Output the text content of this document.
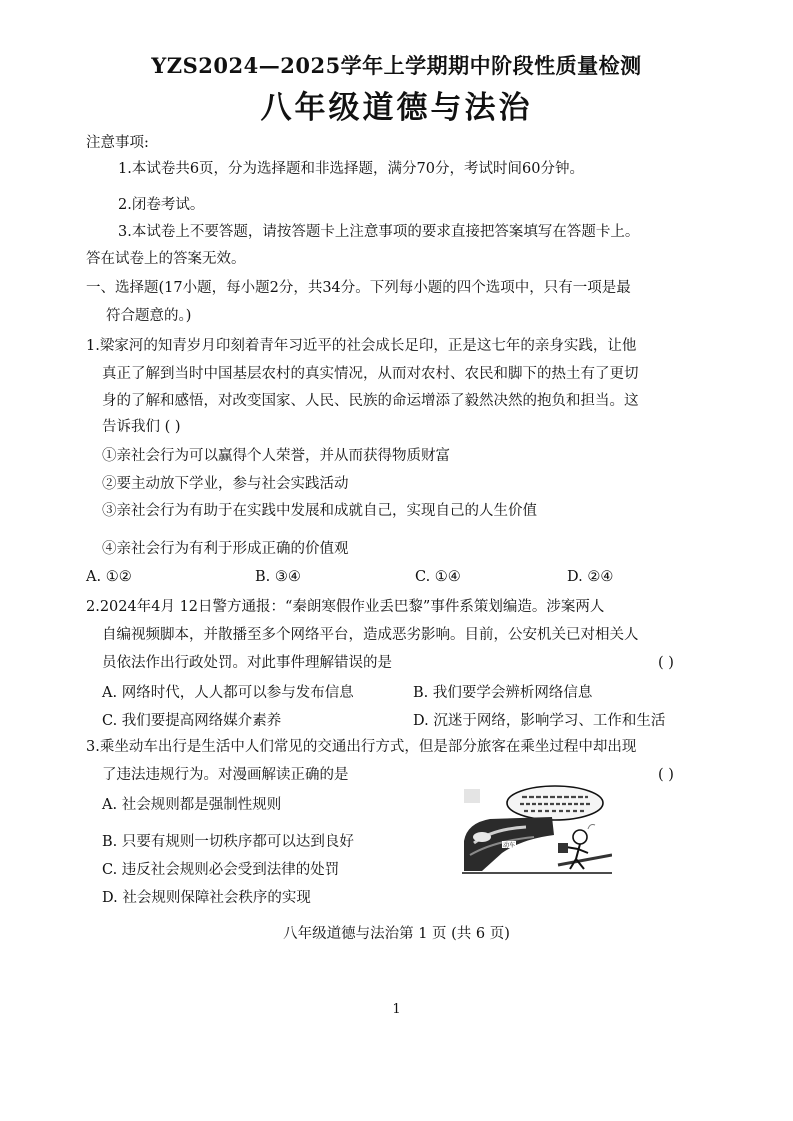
YZS2024—2025学年上学期期中阶段性质量检测
八年级道德与法治
注意事项:
1.本试卷共6页，分为选择题和非选择题，满分70分，考试时间60分钟。
2.闭卷考试。
3.本试卷上不要答题，请按答题卡上注意事项的要求直接把答案填写在答题卡上。
答在试卷上的答案无效。
一、选择题(17小题，每小题2分，共34分。下列每小题的四个选项中，只有一项是最
符合题意的。)
1.梁家河的知青岁月印刻着青年习近平的社会成长足印，正是这七年的亲身实践，让他
真正了解到当时中国基层农村的真实情况，从而对农村、农民和脚下的热土有了更切
身的了解和感悟，对改变国家、人民、民族的命运增添了毅然决然的抱负和担当。这
告诉我们 ( )
①亲社会行为可以赢得个人荣誉，并从而获得物质财富
②要主动放下学业，参与社会实践活动
③亲社会行为有助于在实践中发展和成就自己，实现自己的人生价值
④亲社会行为有利于形成正确的价值观
A. ①②	B. ③④	C. ①④	D. ②④
2.2024年4月 12日警方通报：“秦朗寒假作业丢巴黎”事件系策划编造。涉案两人
自编视频脚本，并散播至多个网络平台，造成恶劣影响。目前，公安机关已对相关人
员依法作出行政处罚。对此事件理解错误的是	( )
A. 网络时代，人人都可以参与发布信息	B. 我们要学会辨析网络信息
C. 我们要提高网络媒介素养	D. 沉迷于网络，影响学习、工作和生活
3.乘坐动车出行是生活中人们常见的交通出行方式，但是部分旅客在乘坐过程中却出现
了违法违规行为。对漫画解读正确的是	( )
A. 社会规则都是强制性规则
B. 只要有规则一切秩序都可以达到良好
C. 违反社会规则必会受到法律的处罚
D. 社会规则保障社会秩序的实现
动车
八年级道德与法治第 1 页 (共 6 页)
1
